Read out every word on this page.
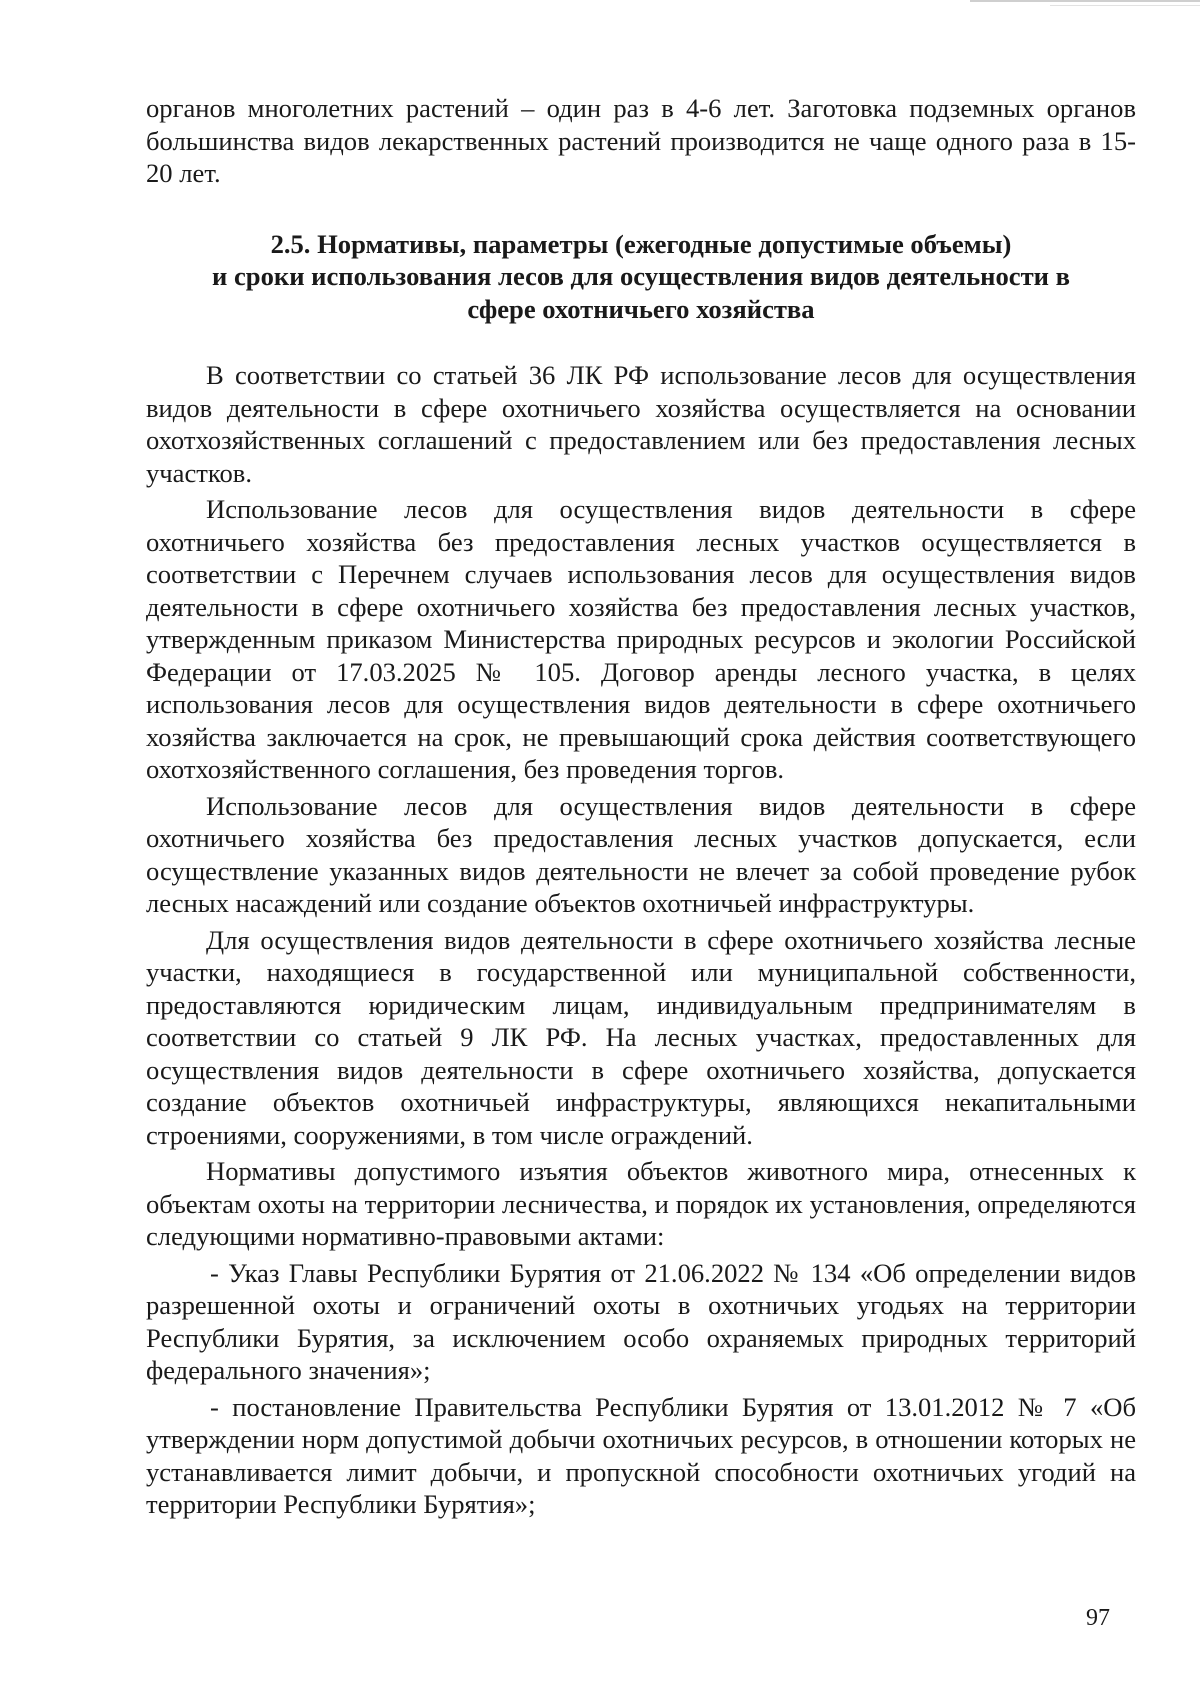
органов многолетних растений – один раз в 4-6 лет. Заготовка подземных органов большинства видов лекарственных растений производится не чаще одного раза в 15-20 лет.

2.5. Нормативы, параметры (ежегодные допустимые объемы)
и сроки использования лесов для осуществления видов деятельности в
сфере охотничьего хозяйства

В соответствии со статьей 36 ЛК РФ использование лесов для осуществления видов деятельности в сфере охотничьего хозяйства осуществляется на основании охотхозяйственных соглашений с предоставлением или без предоставления лесных участков.

Использование лесов для осуществления видов деятельности в сфере охотничьего хозяйства без предоставления лесных участков осуществляется в соответствии с Перечнем случаев использования лесов для осуществления видов деятельности в сфере охотничьего хозяйства без предоставления лесных участков, утвержденным приказом Министерства природных ресурсов и экологии Российской Федерации от 17.03.2025 № 105. Договор аренды лесного участка, в целях использования лесов для осуществления видов деятельности в сфере охотничьего хозяйства заключается на срок, не превышающий срока действия соответствующего охотхозяйственного соглашения, без проведения торгов.

Использование лесов для осуществления видов деятельности в сфере охотничьего хозяйства без предоставления лесных участков допускается, если осуществление указанных видов деятельности не влечет за собой проведение рубок лесных насаждений или создание объектов охотничьей инфраструктуры.

Для осуществления видов деятельности в сфере охотничьего хозяйства лесные участки, находящиеся в государственной или муниципальной собственности, предоставляются юридическим лицам, индивидуальным предпринимателям в соответствии со статьей 9 ЛК РФ. На лесных участках, предоставленных для осуществления видов деятельности в сфере охотничьего хозяйства, допускается создание объектов охотничьей инфраструктуры, являющихся некапитальными строениями, сооружениями, в том числе ограждений.

Нормативы допустимого изъятия объектов животного мира, отнесенных к объектам охоты на территории лесничества, и порядок их установления, определяются следующими нормативно-правовыми актами:

- Указ Главы Республики Бурятия от 21.06.2022 № 134 «Об определении видов разрешенной охоты и ограничений охоты в охотничьих угодьях на территории Республики Бурятия, за исключением особо охраняемых природных территорий федерального значения»;

- постановление Правительства Республики Бурятия от 13.01.2012 № 7 «Об утверждении норм допустимой добычи охотничьих ресурсов, в отношении которых не устанавливается лимит добычи, и пропускной способности охотничьих угодий на территории Республики Бурятия»;

97
